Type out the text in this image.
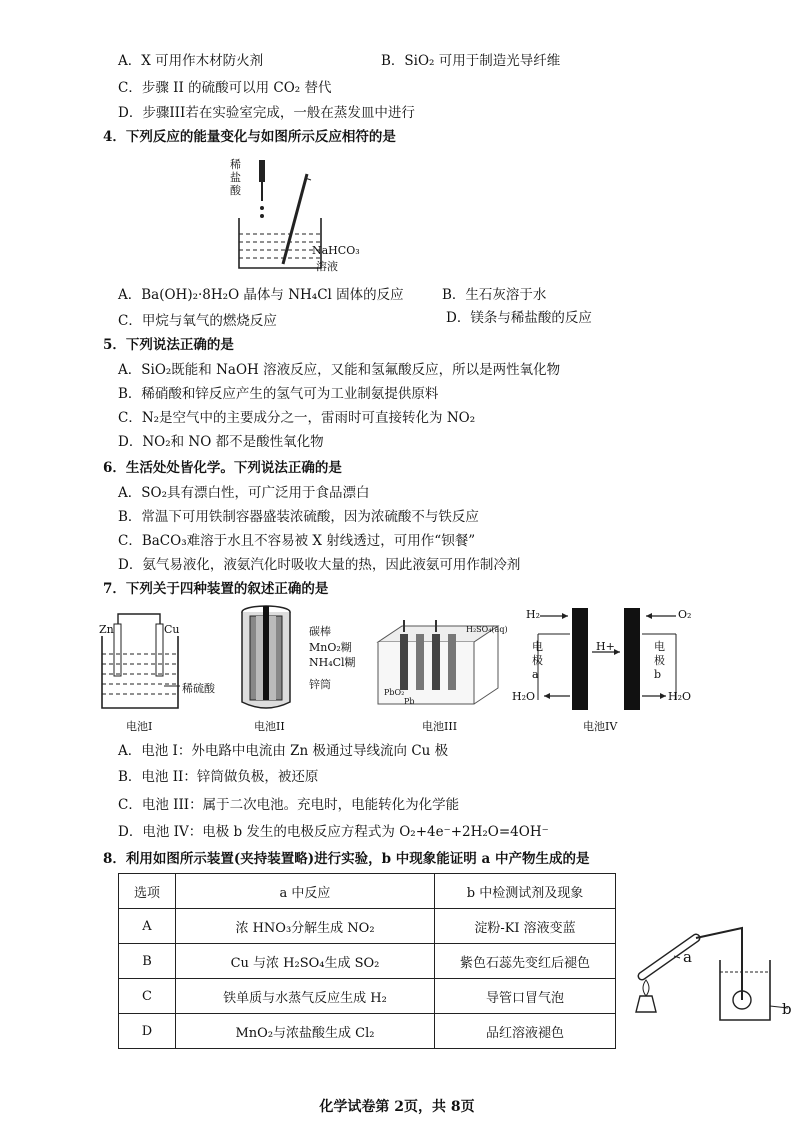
A．X 可用作木材防火剂	B．SiO₂ 可用于制造光导纤维
C．步骤 II 的硫酸可以用 CO₂ 替代
D．步骤III若在实验室完成，一般在蒸发皿中进行
4．下列反应的能量变化与如图所示反应相符的是
稀盐酸
NaHCO₃
溶液
A．Ba(OH)₂·8H₂O 晶体与 NH₄Cl 固体的反应	B．生石灰溶于水
C．甲烷与氧气的燃烧反应	D．镁条与稀盐酸的反应
5．下列说法正确的是
A．SiO₂既能和 NaOH 溶液反应，又能和氢氟酸反应，所以是两性氧化物
B．稀硝酸和锌反应产生的氢气可为工业制氨提供原料
C．N₂是空气中的主要成分之一，雷雨时可直接转化为 NO₂
D．NO₂和 NO 都不是酸性氧化物
6．生活处处皆化学。下列说法正确的是
A．SO₂具有漂白性，可广泛用于食品漂白
B．常温下可用铁制容器盛装浓硫酸，因为浓硫酸不与铁反应
C．BaCO₃难溶于水且不容易被 X 射线透过，可用作“钡餐”
D．氨气易液化，液氨汽化时吸收大量的热，因此液氨可用作制冷剂
7．下列关于四种装置的叙述正确的是
Zn	Cu
稀硫酸
电池I
碳棒
MnO₂糊
NH₄Cl糊
锌筒
电池II
H₂SO₄(aq)
PbO₂
Pb
电池III
H₂	O₂
电极a
电极b
H+
H₂O	H₂O
电池IV
A．电池 I：外电路中电流由 Zn 极通过导线流向 Cu 极
B．电池 II：锌筒做负极，被还原
C．电池 III：属于二次电池。充电时，电能转化为化学能
D．电池 IV：电极 b 发生的电极反应方程式为 O₂+4e⁻+2H₂O=4OH⁻
8．利用如图所示装置(夹持装置略)进行实验，b 中现象能证明 a 中产物生成的是
选项	a 中反应	b 中检测试剂及现象
A	浓 HNO₃分解生成 NO₂	淀粉-KI 溶液变蓝
B	Cu 与浓 H₂SO₄生成 SO₂	紫色石蕊先变红后褪色
C	铁单质与水蒸气反应生成 H₂	导管口冒气泡
D	MnO₂与浓盐酸生成 Cl₂	品红溶液褪色
a
b
化学试卷第 2页，共 8页
